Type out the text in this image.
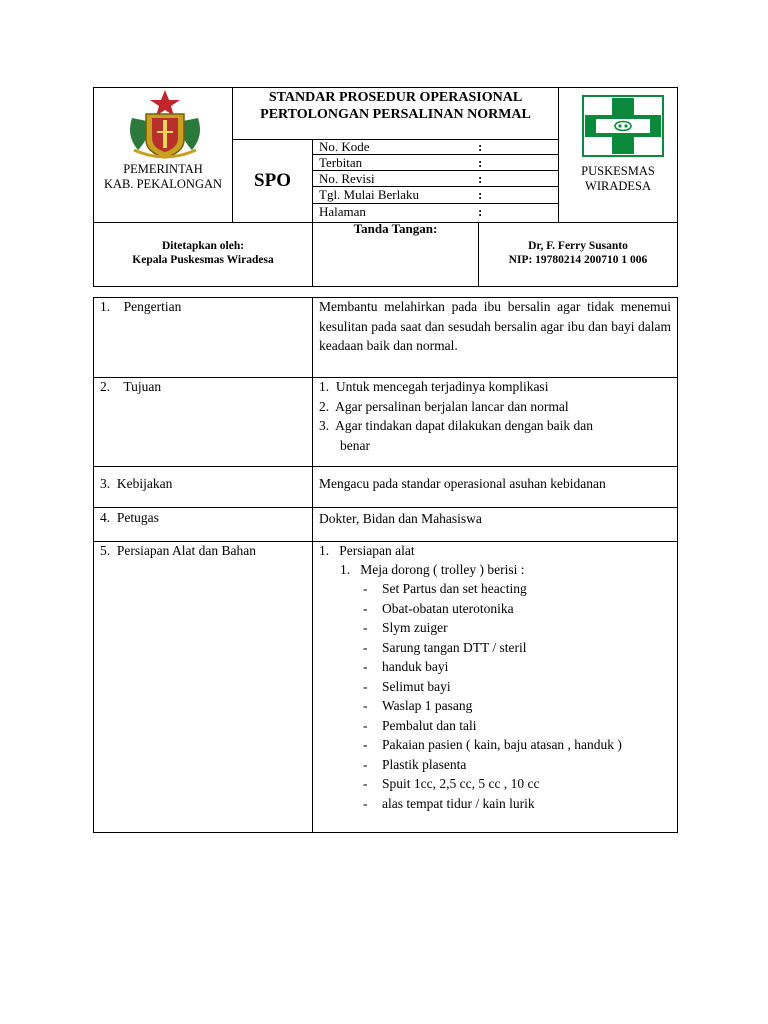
PEMERINTAH
KAB. PEKALONGAN
STANDAR PROSEDUR OPERASIONAL
PERTOLONGAN PERSALINAN NORMAL
SPO
No. Kode	:
Terbitan	:
No. Revisi	:
Tgl. Mulai Berlaku	:
Halaman	:
PUSKESMAS
WIRADESA
Ditetapkan oleh:
Kepala Puskesmas Wiradesa
Tanda Tangan:
Dr, F. Ferry Susanto
NIP: 19780214 200710 1 006
1.    Pengertian	Membantu melahirkan pada ibu bersalin agar tidak menemui kesulitan pada saat dan sesudah bersalin agar ibu dan bayi dalam keadaan baik dan normal.
2.    Tujuan	1.  Untuk mencegah terjadinya komplikasi
2.  Agar persalinan berjalan lancar dan normal
3.  Agar tindakan dapat dilakukan dengan baik dan
benar
3.  Kebijakan	Mengacu pada standar operasional asuhan kebidanan
4.  Petugas	Dokter, Bidan dan Mahasiswa
5.  Persiapan Alat dan Bahan	1.   Persiapan alat
1.   Meja dorong ( trolley ) berisi :
-	Set Partus dan set heacting
-	Obat-obatan uterotonika
-	Slym zuiger
-	Sarung tangan DTT / steril
-	handuk bayi
-	Selimut bayi
-	Waslap 1 pasang
-	Pembalut dan tali
-	Pakaian pasien ( kain, baju atasan , handuk )
-	Plastik plasenta
-	Spuit 1cc, 2,5 cc, 5 cc , 10 cc
-	alas tempat tidur / kain lurik
